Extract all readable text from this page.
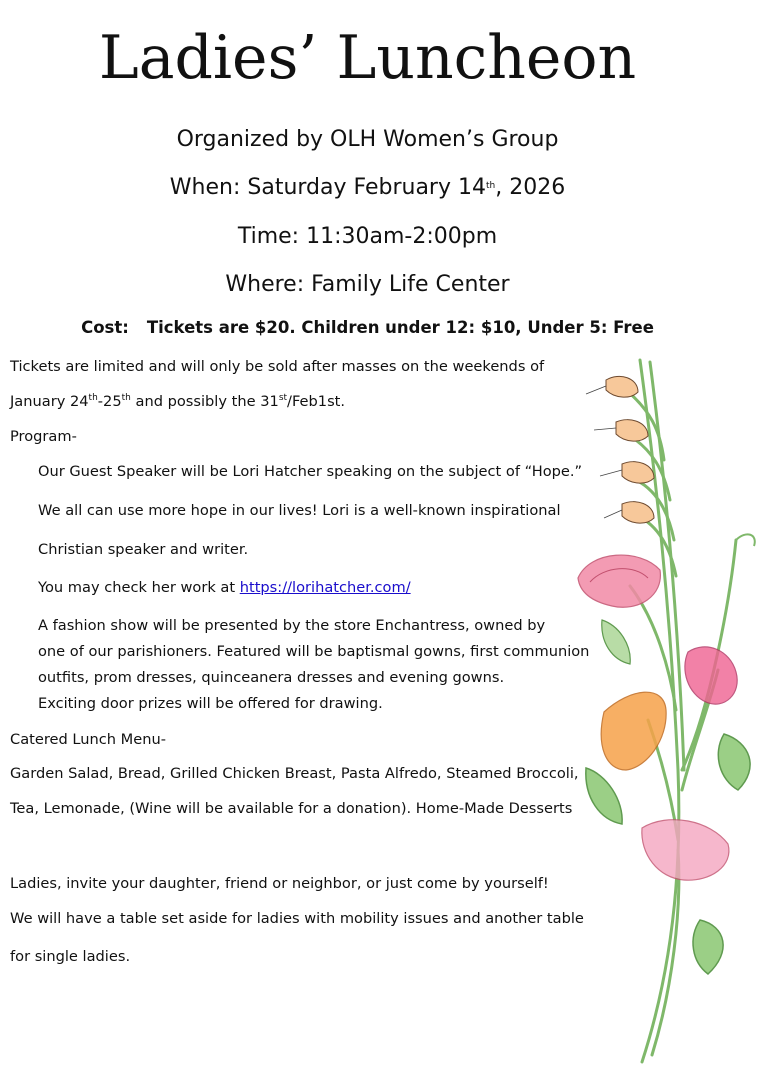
Ladies’ Luncheon

Organized by OLH Women’s Group

When: Saturday February 14th, 2026

Time: 11:30am-2:00pm

Where: Family Life Center

Cost: Tickets are $20. Children under 12: $10, Under 5: Free

Tickets are limited and will only be sold after masses on the weekends of

January 24th-25th and possibly the 31st/Feb1st.

Program-

Our Guest Speaker will be Lori Hatcher speaking on the subject of “Hope.”

We all can use more hope in our lives! Lori is a well-known inspirational

Christian speaker and writer.

You may check her work at https://lorihatcher.com/

A fashion show will be presented by the store Enchantress, owned by

one of our parishioners. Featured will be baptismal gowns, first communion

outfits, prom dresses, quinceanera dresses and evening gowns.

Exciting door prizes will be offered for drawing.

Catered Lunch Menu-

Garden Salad, Bread, Grilled Chicken Breast, Pasta Alfredo, Steamed Broccoli,

Tea, Lemonade, (Wine will be available for a donation). Home-Made Desserts

Ladies, invite your daughter, friend or neighbor, or just come by yourself!

We will have a table set aside for ladies with mobility issues and another table

for single ladies.
